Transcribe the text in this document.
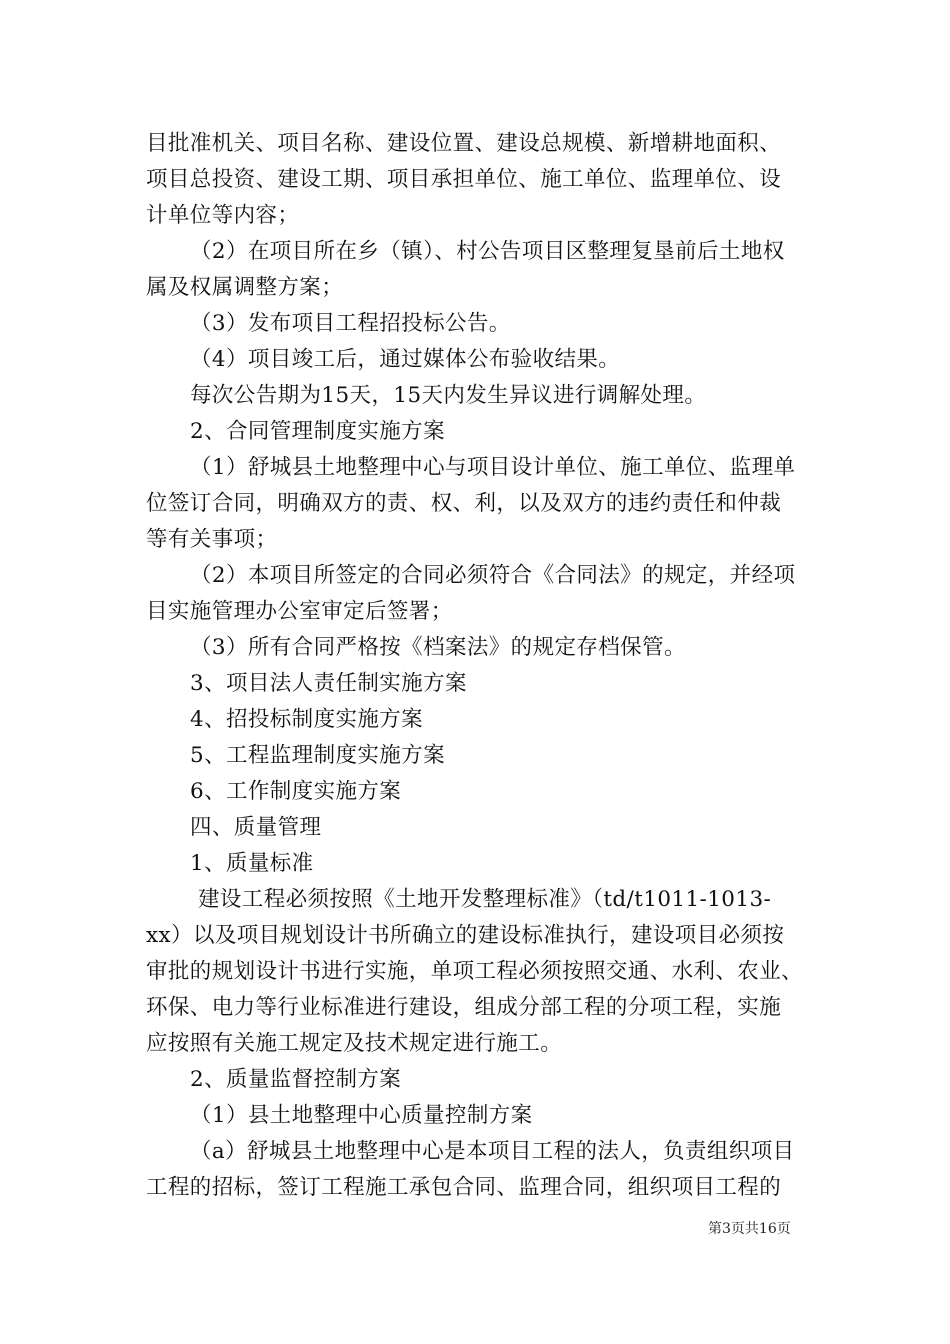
目批准机关、项目名称、建设位置、建设总规模、新增耕地面积、
项目总投资、建设工期、项目承担单位、施工单位、监理单位、设
计单位等内容；
（2）在项目所在乡（镇）、村公告项目区整理复垦前后土地权
属及权属调整方案；
（3）发布项目工程招投标公告。
（4）项目竣工后，通过媒体公布验收结果。
每次公告期为15天，15天内发生异议进行调解处理。
2、合同管理制度实施方案
（1）舒城县土地整理中心与项目设计单位、施工单位、监理单
位签订合同，明确双方的责、权、利，以及双方的违约责任和仲裁
等有关事项；
（2）本项目所签定的合同必须符合《合同法》的规定，并经项
目实施管理办公室审定后签署；
（3）所有合同严格按《档案法》的规定存档保管。
3、项目法人责任制实施方案
4、招投标制度实施方案
5、工程监理制度实施方案
6、工作制度实施方案
四、质量管理
1、质量标准
建设工程必须按照《土地开发整理标准》（td/t1011-1013-
xx）以及项目规划设计书所确立的建设标准执行，建设项目必须按
审批的规划设计书进行实施，单项工程必须按照交通、水利、农业、
环保、电力等行业标准进行建设，组成分部工程的分项工程，实施
应按照有关施工规定及技术规定进行施工。
2、质量监督控制方案
（1）县土地整理中心质量控制方案
（a）舒城县土地整理中心是本项目工程的法人，负责组织项目
工程的招标，签订工程施工承包合同、监理合同，组织项目工程的
第3页共16页
